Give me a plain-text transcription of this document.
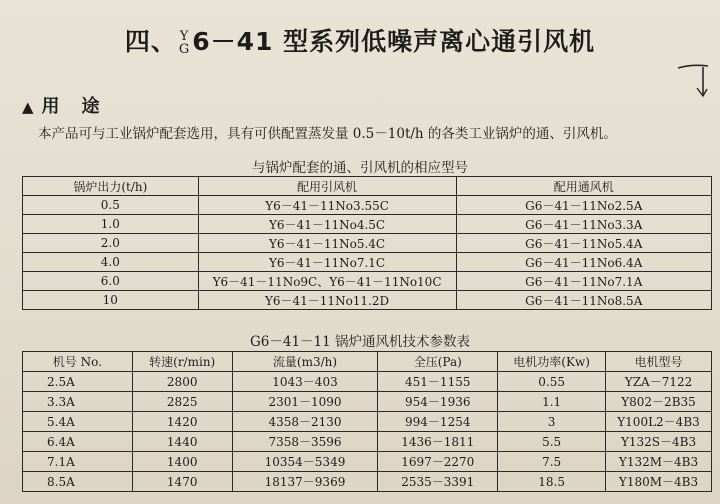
四、 Y
G 6－41 型系列低噪声离心通引风机
▲ 用途
本产品可与工业锅炉配套选用，具有可供配置蒸发量 0.5－10t/h 的各类工业锅炉的通、引风机。
与锅炉配套的通、引风机的相应型号
锅炉出力(t/h)	配用引风机	配用通风机
0.5	Y6－41－11No3.55C	G6－41－11No2.5A
1.0	Y6－41－11No4.5C	G6－41－11No3.3A
2.0	Y6－41－11No5.4C	G6－41－11No5.4A
4.0	Y6－41－11No7.1C	G6－41－11No6.4A
6.0	Y6－41－11No9C、Y6－41－11No10C	G6－41－11No7.1A
10	Y6－41－11No11.2D	G6－41－11No8.5A
G6－41－11 锅炉通风机技术参数表
机号 No.	转速(r/min)	流量(m3/h)	全压(Pa)	电机功率(Kw)	电机型号
2.5A	2800	1043－403	451－1155	0.55	YZA－7122
3.3A	2825	2301－1090	954－1936	1.1	Y802－2B35
5.4A	1420	4358－2130	994－1254	3	Y100L2－4B3
6.4A	1440	7358－3596	1436－1811	5.5	Y132S－4B3
7.1A	1400	10354－5349	1697－2270	7.5	Y132M－4B3
8.5A	1470	18137－9369	2535－3391	18.5	Y180M－4B3
